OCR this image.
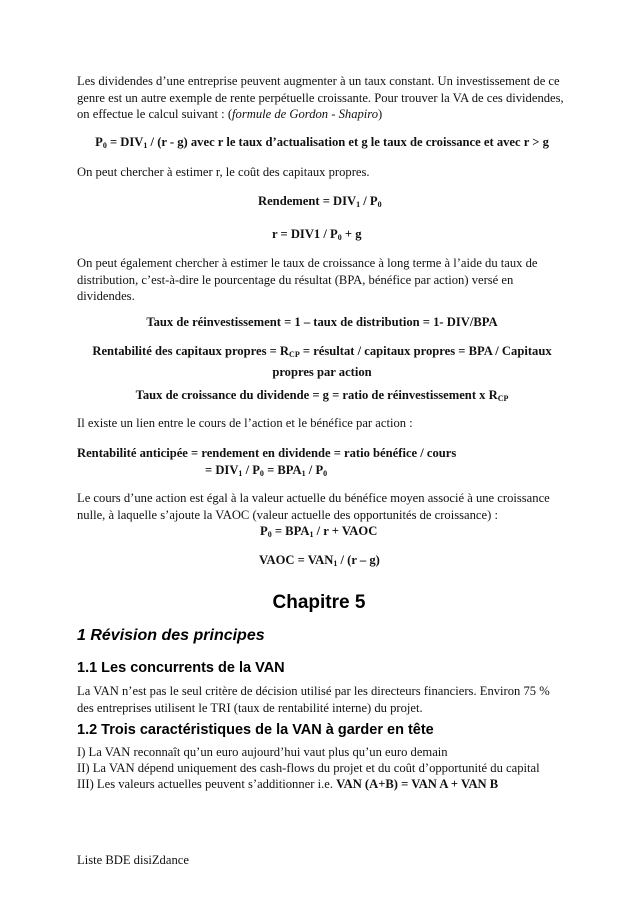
Les dividendes d’une entreprise peuvent augmenter à un taux constant. Un investissement de ce genre est un autre exemple de rente perpétuelle croissante. Pour trouver la VA de ces dividendes, on effectue le calcul suivant : (formule de Gordon - Shapiro)
$P_0 = DIV_1 / (r - g)$ avec r le taux d’actualisation et g le taux de croissance et avec r > g
On peut chercher à estimer r, le coût des capitaux propres.
Rendement = $DIV_1 / P_0$
$r = DIV1 / P_0 + g$
On peut également chercher à estimer le taux de croissance à long terme à l’aide du taux de distribution, c’est-à-dire le pourcentage du résultat (BPA, bénéfice par action) versé en dividendes.
Taux de réinvestissement = 1 – taux de distribution = 1- DIV/BPA
Rentabilité des capitaux propres = $R_{CP}$ = résultat / capitaux propres = BPA / Capitaux propres par action
Taux de croissance du dividende = g = ratio de réinvestissement x $R_{CP}$
Il existe un lien entre le cours de l’action et le bénéfice par action :
Rentabilité anticipée = rendement en dividende = ratio bénéfice / cours
= $DIV_1 / P_0 = BPA_1 / P_0$
Le cours d’une action est égal à la valeur actuelle du bénéfice moyen associé à une croissance nulle, à laquelle s’ajoute la VAOC (valeur actuelle des opportunités de croissance) :
$P_0 = BPA_1 / r$ + VAOC
VAOC = $VAN_1 / (r - g)$
Chapitre 5
1 Révision des principes
1.1 Les concurrents de la VAN
La VAN n’est pas le seul critère de décision utilisé par les directeurs financiers. Environ 75 % des entreprises utilisent le TRI (taux de rentabilité interne) du projet.
1.2 Trois caractéristiques de la VAN à garder en tête
I) La VAN reconnaît qu’un euro aujourd’hui vaut plus qu’un euro demain
II) La VAN dépend uniquement des cash-flows du projet et du coût d’opportunité du capital
III) Les valeurs actuelles peuvent s’additionner i.e. VAN (A+B) = VAN A + VAN B
Liste BDE disiZdance
